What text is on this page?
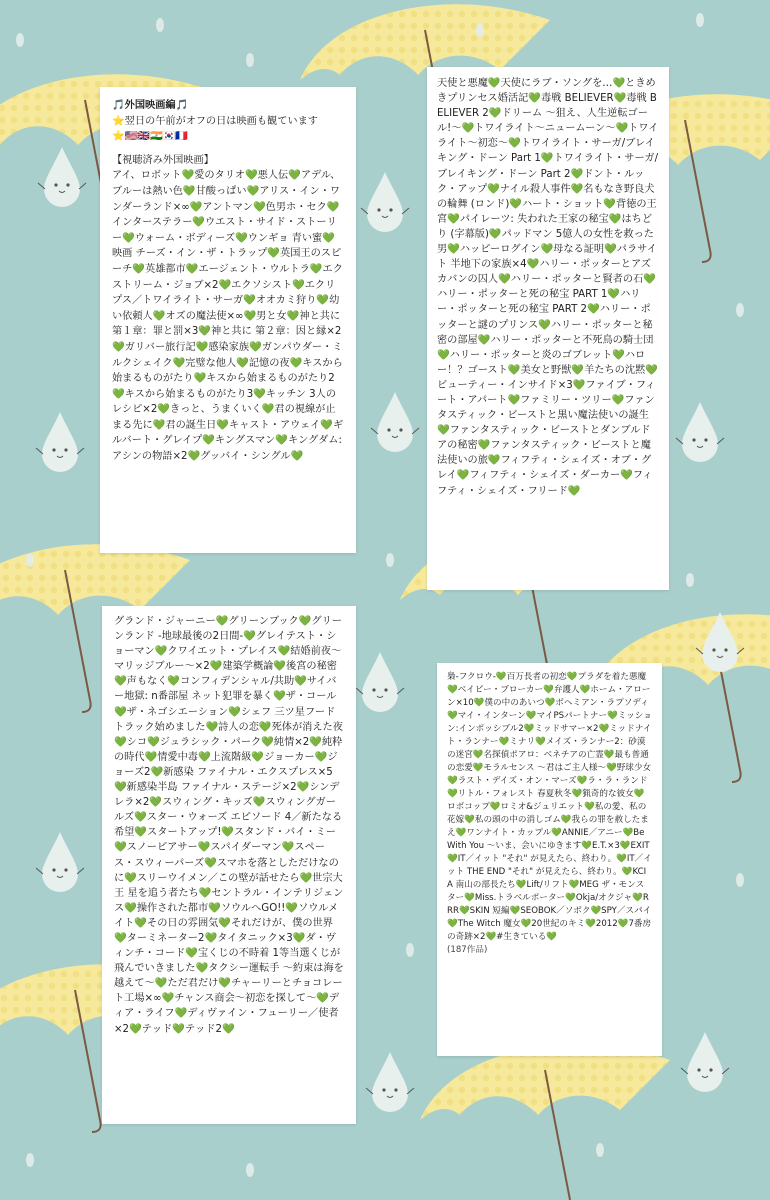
🎵外国映画編🎵

⭐翌日の午前がオフの日は映画も観ています

⭐🇺🇸🇬🇧🇮🇳🇰🇷🇫🇷

【視聴済み外国映画】

アイ、ロボット💚愛のタリオ💚悪人伝💚アデル、ブルーは熱い色💚甘酸っぱい💚アリス・イン・ワンダーランド×∞💚アントマン💚色男ホ・セク💚インターステラー💚ウエスト・サイド・ストーリー💚ウォーム・ボディーズ💚ウンギョ 青い蜜💚映画 チーズ・イン・ザ・トラップ💚英国王のスピーチ💚英雄都市💚エージェント・ウルトラ💚エクストリーム・ジョブ×2💚エクソシスト💚エクリプス／トワイライト・サーガ💚オオカミ狩り💚幼い依頼人💚オズの魔法使×∞💚男と女💚神と共に 第１章：罪と罰×3💚神と共に 第２章：因と縁×2💚ガリバー旅行記💚感染家族💚ガンパウダー・ミルクシェイク💚完璧な他人💚記憶の夜💚キスから始まるものがたり💚キスから始まるものがたり2💚キスから始まるものがたり3💚キッチン 3人のレシピ×2💚きっと、うまくいく💚君の視線が止まる先に💚君の誕生日💚キャスト・アウェイ💚ギルバート・グレイプ💚キングスマン💚キングダム: アシンの物語×2💚グッバイ・シングル💚

天使と悪魔💚天使にラブ・ソングを…💚ときめきプリンセス婚活記💚毒戦 BELIEVER💚毒戦 BELIEVER 2💚ドリーム 〜狙え、人生逆転ゴール!〜💚トワイライト〜ニュームーン〜💚トワイライト〜初恋〜💚トワイライト・サーガ/ブレイキング・ドーン Part 1💚トワイライト・サーガ/ブレイキング・ドーン Part 2💚ドント・ルック・アップ💚ナイル殺人事件💚名もなき野良犬の輪舞 (ロンド)💚ハート・ショット💚背徳の王宮💚パイレーツ: 失われた王家の秘宝💚はちどり (字幕版)💚パッドマン 5億人の女性を救った男💚ハッピーログイン💚母なる証明💚パラサイト 半地下の家族×4💚ハリー・ポッターとアズカバンの囚人💚ハリー・ポッターと賢者の石💚ハリー・ポッターと死の秘宝 PART 1💚ハリー・ポッターと死の秘宝 PART 2💚ハリー・ポッターと謎のプリンス💚ハリー・ポッターと秘密の部屋💚ハリー・ポッターと不死鳥の騎士団💚ハリー・ポッターと炎のゴブレット💚ハロー！？ゴースト💚美女と野獣💚羊たちの沈黙💚ビューティー・インサイド×3💚ファイブ・フィート・アパート💚ファミリー・ツリー💚ファンタスティック・ビーストと黒い魔法使いの誕生💚ファンタスティック・ビーストとダンブルドアの秘密💚ファンタスティック・ビーストと魔法使いの旅💚フィフティ・シェイズ・オブ・グレイ💚フィフティ・シェイズ・ダーカー💚フィフティ・シェイズ・フリード💚

グランド・ジャーニー💚グリーンブック💚グリーンランド -地球最後の2日間-💚グレイテスト・ショーマン💚クワイエット・プレイス💚結婚前夜〜マリッジブルー〜×2💚建築学概論💚後宮の秘密💚声もなく💚コンフィデンシャル/共助💚サイバー地獄: n番部屋 ネット犯罪を暴く💚ザ・コール💚ザ・ネゴシエーション💚シェフ 三ツ星フードトラック始めました💚詩人の恋💚死体が消えた夜💚シコ💚ジュラシック・パーク💚純情×2💚純粋の時代💚情愛中毒💚上流階級💚ジョーカー💚ジョーズ2💚新感染 ファイナル・エクスプレス×5💚新感染半島 ファイナル・ステージ×2💚シンデレラ×2💚スウィング・キッズ💚スウィングガールズ💚スター・ウォーズ エピソード 4／新たなる希望💚スタートアップ!💚スタンド・バイ・ミー💚スノーピアサー💚スパイダーマン💚スペース・スウィーパーズ💚スマホを落としただけなのに💚スリーウイメン／この壁が話せたら💚世宗大王 星を追う者たち💚セントラル・インテリジェンス💚操作された都市💚ソウルへGO!!💚ソウルメイト💚その日の雰囲気💚それだけが、僕の世界💚ターミネーター2💚タイタニック×3💚ダ・ヴィンチ・コード💚宝くじの不時着 1等当選くじが飛んでいきました💚タクシー運転手 〜約束は海を越えて〜💚ただ君だけ💚チャーリーとチョコレート工場×∞💚チャンス商会〜初恋を探して〜💚ディア・ライフ💚ディヴァイン・フューリー／使者×2💚テッド💚テッド2💚

梟-フクロウ-💚百万長者の初恋💚プラダを着た悪魔💚ベイビー・ブローカー💚弁護人💚ホーム・アローン×10💚僕の中のあいつ💚ボヘミアン・ラプソディ💚マイ・インターン💚マイPSパートナー💚ミッション:インポッシブル2💚ミッドサマー×2💚ミッドナイト・ランナー💚ミナリ💚メイズ・ランナー2：砂漠の迷宮💚名探偵ポアロ：ベネチアの亡霊💚最も普通の恋愛💚モラルセンス 〜君はご主人様〜💚野球少女💚ラスト・デイズ・オン・マーズ💚ラ・ラ・ランド💚リトル・フォレスト 春夏秋冬💚猟奇的な彼女💚ロボコップ💚ロミオ&ジュリエット💚私の愛、私の花嫁💚私の頭の中の消しゴム💚我らの罪を赦したまえ💚ワンナイト・カップル💚ANNIE／アニー💚Be With You 〜いま、会いにゆきます💚E.T.×3💚EXIT💚IT／イット "それ" が見えたら、終わり。💚IT／イット THE END "それ" が見えたら、終わり。💚KCIA 南山の部長たち💚Lift/リフト💚MEG ザ・モンスター💚Miss.トラベルポーター💚Okja/オクジャ💚RRR💚SKIN 短編💚SEOBOK／ソボク💚SPY／スパイ💚The Witch 魔女💚20世紀のキミ💚2012💚7番房の奇跡×2💚#生きている💚

(187作品)
